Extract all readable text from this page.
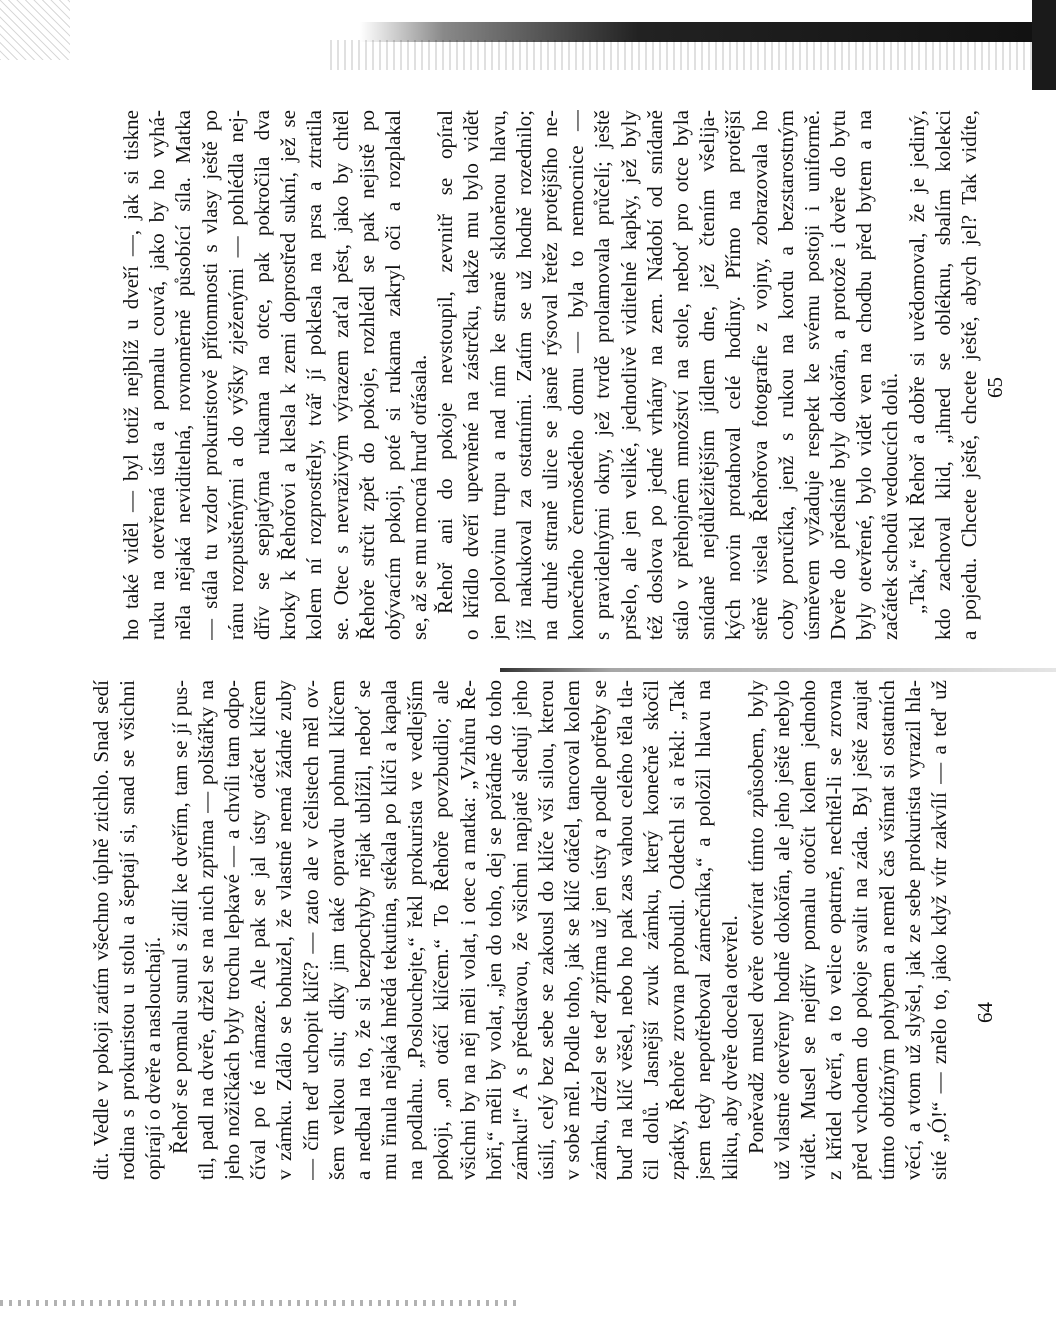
dit. Vedle v pokoji zatím všechno úplně ztichlo. Snad sedí rodina s prokuristou u stolu a šeptají si, snad se všichni opírají o dveře a naslouchají. Řehoř se pomalu sunul s židlí ke dveřím, tam se jí pus- til, padl na dveře, držel se na nich zpříma — polštářky na jeho nožičkách byly trochu lepkavé — a chvíli tam odpo- číval po té námaze. Ale pak se jal ústy otáčet klíčem v zámku. Zdálo se bohužel, že vlastně nemá žádné zuby — čím teď uchopit klíč? — zato ale v čelistech měl ov- šem velkou sílu; díky jim také opravdu pohnul klíčem a nedbal na to, že si bezpochyby nějak ublížil, neboť se mu řinula nějaká hnědá tekutina, stékala po klíči a kapala na podlahu. „Posloucheјte,“ řekl prokurista ve vedlejším pokoji, „on otáčí klíčem.“ To Řehoře povzbudilo; ale všichni by na něj měli volat, i otec a matka: „Vzhůru Ře- hoři,“ měli by volat, „jen do toho, dej se pořádně do toho zámku!“ A s představou, že všichni napjatě sledují jeho úsilí, celý bez sebe se zakousl do klíče vší silou, kterou v sobě měl. Podle toho, jak se klíč otáčel, tancoval kolem zámku, držel se teď zpříma už jen ústy a podle potřeby se buď na klíč věšel, nebo ho pak zas vahou celého těla tla- čil dolů. Jasnější zvuk zámku, který konečně skočil zpátky, Řehoře zrovna probudil. Oddechl si a řekl: „Tak jsem tedy nepotřeboval zámečníka,“ a položil hlavu na kliku, aby dveře docela otevřel. Poněvadž musel dveře otevírat tímto způsobem, byly už vlastně otevřeny hodně dokořán, ale jeho ještě nebylo vidět. Musel se nejdřív pomalu otočit kolem jednoho z křídel dveří, a to velice opatrně, nechtěl-li se zrovna před vchodem do pokoje svalit na záda. Byl ještě zaujat tímto obtížným pohybem a neměl čas všímat si ostatních věcí, a vtom už slyšel, jak ze sebe prokurista vyrazil hla- sité „Ó!“ — znělo to, jako když vítr zakvílí — a teď už 64
ho také viděl — byl totiž nejblíž u dveří —, jak si tiskne ruku na otevřená ústa a pomalu couvá, jako by ho vyhá- něla nějaká neviditelná, rovnoměrně působící síla. Matka — stála tu vzdor prokuristově přítomnosti s vlasy ještě po ránu rozpuštěnými a do výšky zježenými — pohlédla nej- dřív se sepjatýma rukama na otce, pak pokročila dva kroky k Řehořovi a klesla k zemi doprostřed sukní, jež se kolem ní rozprostřely, tvář jí poklesla na prsa a ztratila se. Otec s nevraživým výrazem zaťal pěst, jako by chtěl Řehoře strčit zpět do pokoje, rozhlédl se pak nejistě po obývacím pokoji, poté si rukama zakryl oči a rozplakal se, až se mu mocná hruď otřásala. Řehoř ani do pokoje nevstoupil, zevnitř se opíral o křídlo dveří upevněné na zástrčku, takže mu bylo vidět jen polovinu trupu a nad ním ke straně skloněnou hlavu, jíž nakukoval za ostatními. Zatím se už hodně rozednilo; na druhé straně ulice se jasně rýsoval řetěz protějšího ne- konečného černošedého domu — byla to nemocnice — s pravidelnými okny, jež tvrdě prolamovala průčelí; ještě pršelo, ale jen veliké, jednotlivě viditelné kapky, jež byly též doslova po jedné vrhány na zem. Nádobí od snídaně stálo v přehojném množství na stole, neboť pro otce byla snídaně nejdůležitějším jídlem dne, jež čtením všelija- kých novin protahoval celé hodiny. Přímo na protější stěně visela Řehořova fotografie z vojny, zobrazovala ho coby poručíka, jenž s rukou na kordu a bezstarostným úsměvem vyžaduje respekt ke svému postoji i uniformě. Dveře do předsíně byly dokořán, a protože i dveře do bytu byly otevřené, bylo vidět ven na chodbu před bytem a na začátek schodů vedoucích dolů. „Tak,“ řekl Řehoř a dobře si uvědomoval, že je jediný, kdo zachoval klid, „ihned se obléknu, sbalím kolekci a pojedu. Chcete ještě, chcete ještě, abych jel? Tak vidíte, 65
